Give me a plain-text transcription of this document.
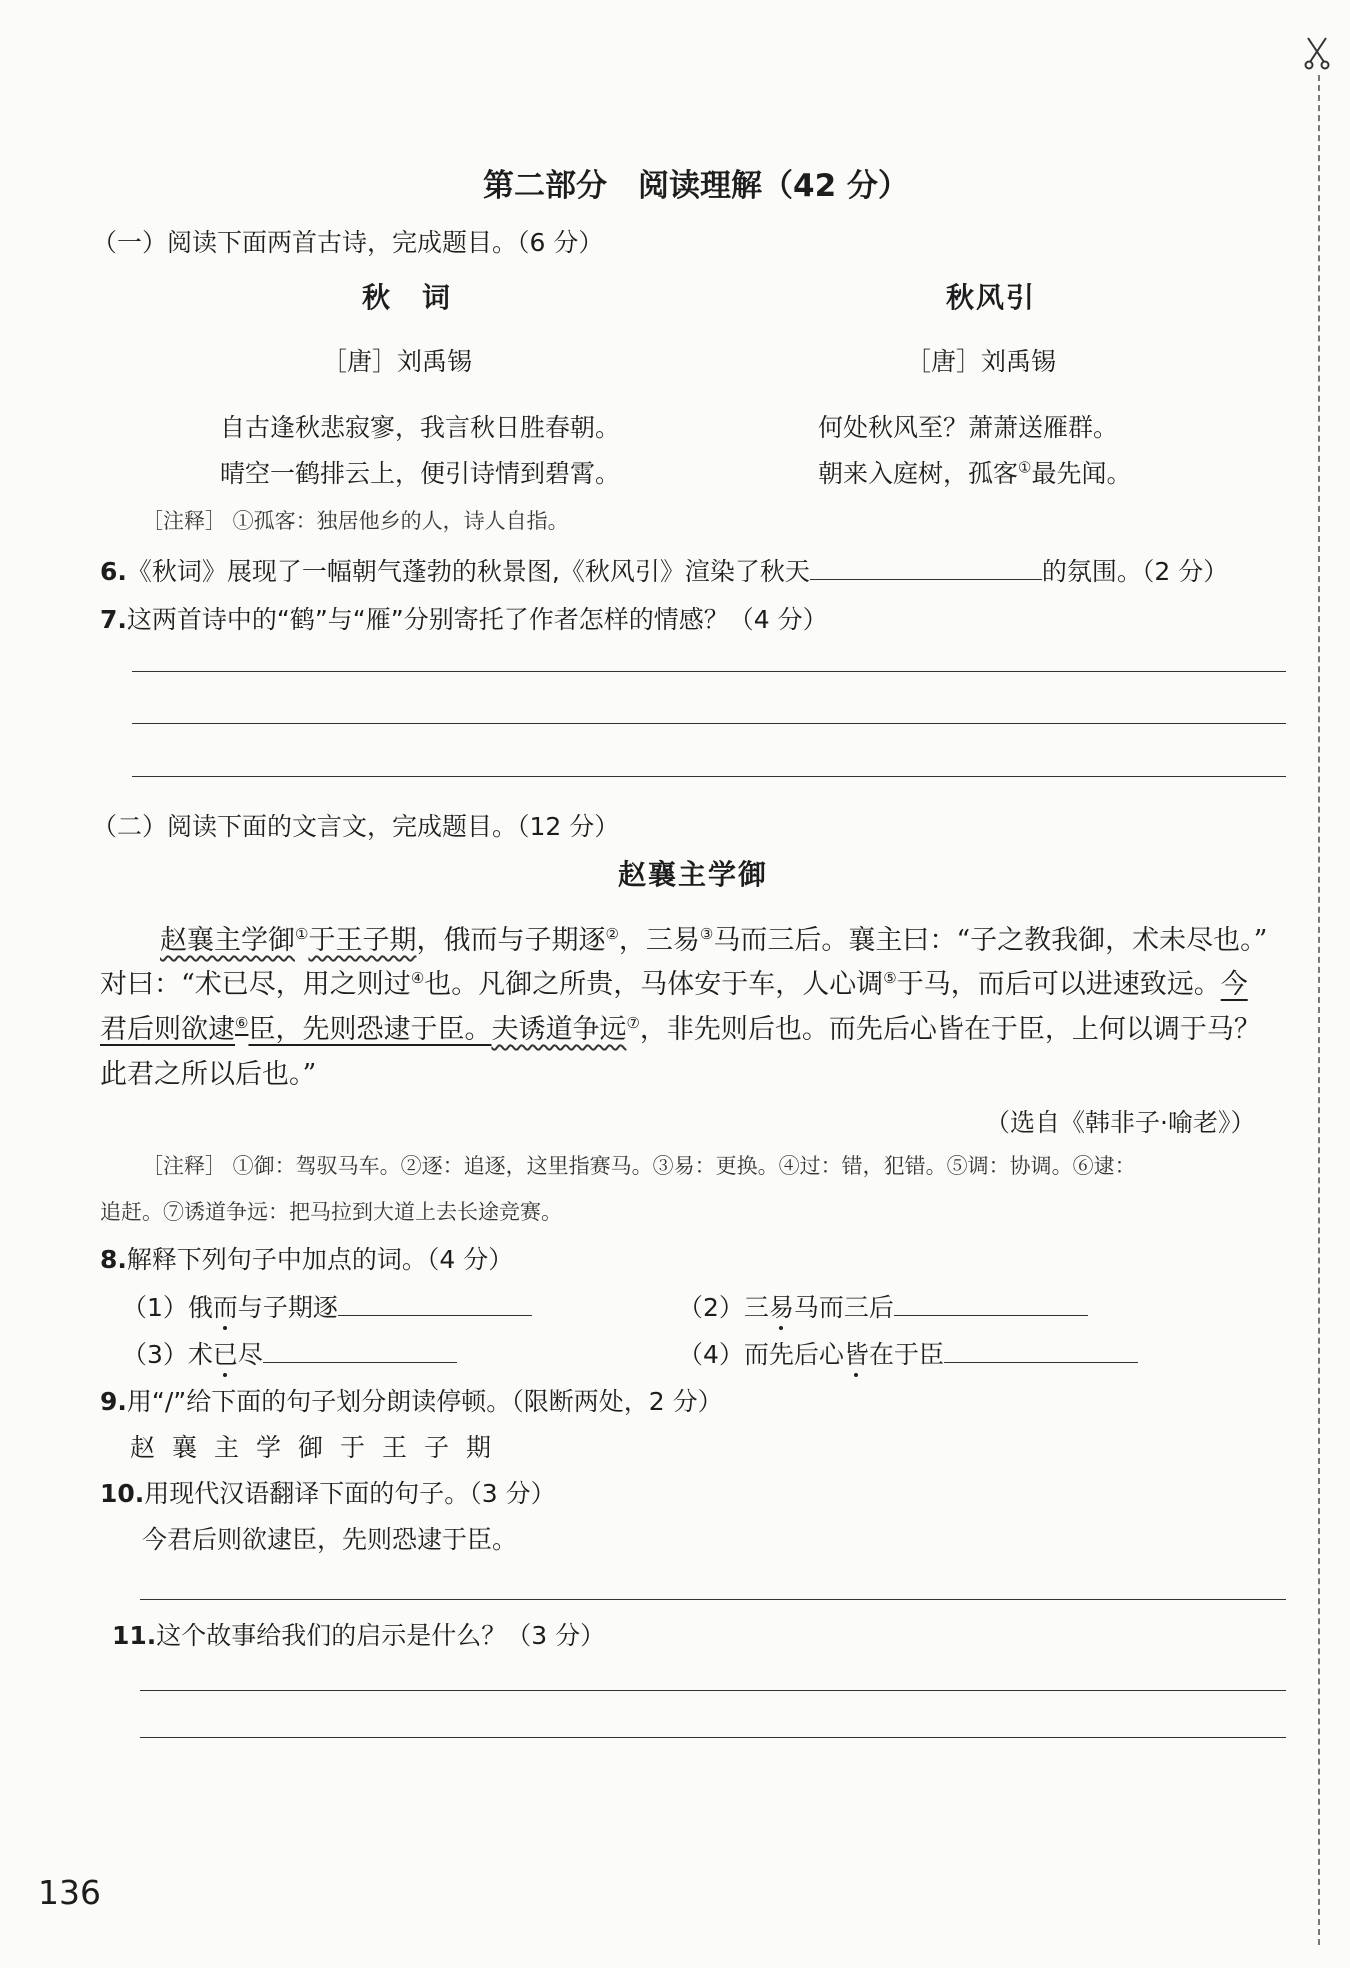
第二部分　阅读理解（42 分）
（一）阅读下面两首古诗，完成题目。（6 分）
秋　词	秋风引
［唐］刘禹锡	［唐］刘禹锡
自古逢秋悲寂寥，我言秋日胜春朝。
晴空一鹤排云上，便引诗情到碧霄。
何处秋风至？萧萧送雁群。
朝来入庭树，孤客①最先闻。
［注释］ ①孤客：独居他乡的人，诗人自指。
6.《秋词》展现了一幅朝气蓬勃的秋景图,《秋风引》渲染了秋天	的氛围。（2 分）
7.这两首诗中的“鹤”与“雁”分别寄托了作者怎样的情感？（4 分）
（二）阅读下面的文言文，完成题目。（12 分）
赵襄主学御
赵襄主学御①于王子期，俄而与子期逐②，三易③马而三后。襄主曰：“子之教我御，术未尽也。”
对曰：“术已尽，用之则过④也。凡御之所贵，马体安于车，人心调⑤于马，而后可以进速致远。今
君后则欲逮⑥臣，先则恐逮于臣。夫诱道争远⑦，非先则后也。而先后心皆在于臣，上何以调于马？
此君之所以后也。”
（选自《韩非子·喻老》）
［注释］ ①御：驾驭马车。②逐：追逐，这里指赛马。③易：更换。④过：错，犯错。⑤调：协调。⑥逮：
追赶。⑦诱道争远：把马拉到大道上去长途竞赛。
8.解释下列句子中加点的词。（4 分）
（1）俄而与子期逐	（2）三易马而三后
（3）术已尽	（4）而先后心皆在于臣
9.用“/”给下面的句子划分朗读停顿。（限断两处，2 分）
赵襄主学御于王子期
10.用现代汉语翻译下面的句子。（3 分）
今君后则欲逮臣，先则恐逮于臣。
11.这个故事给我们的启示是什么？（3 分）
136
